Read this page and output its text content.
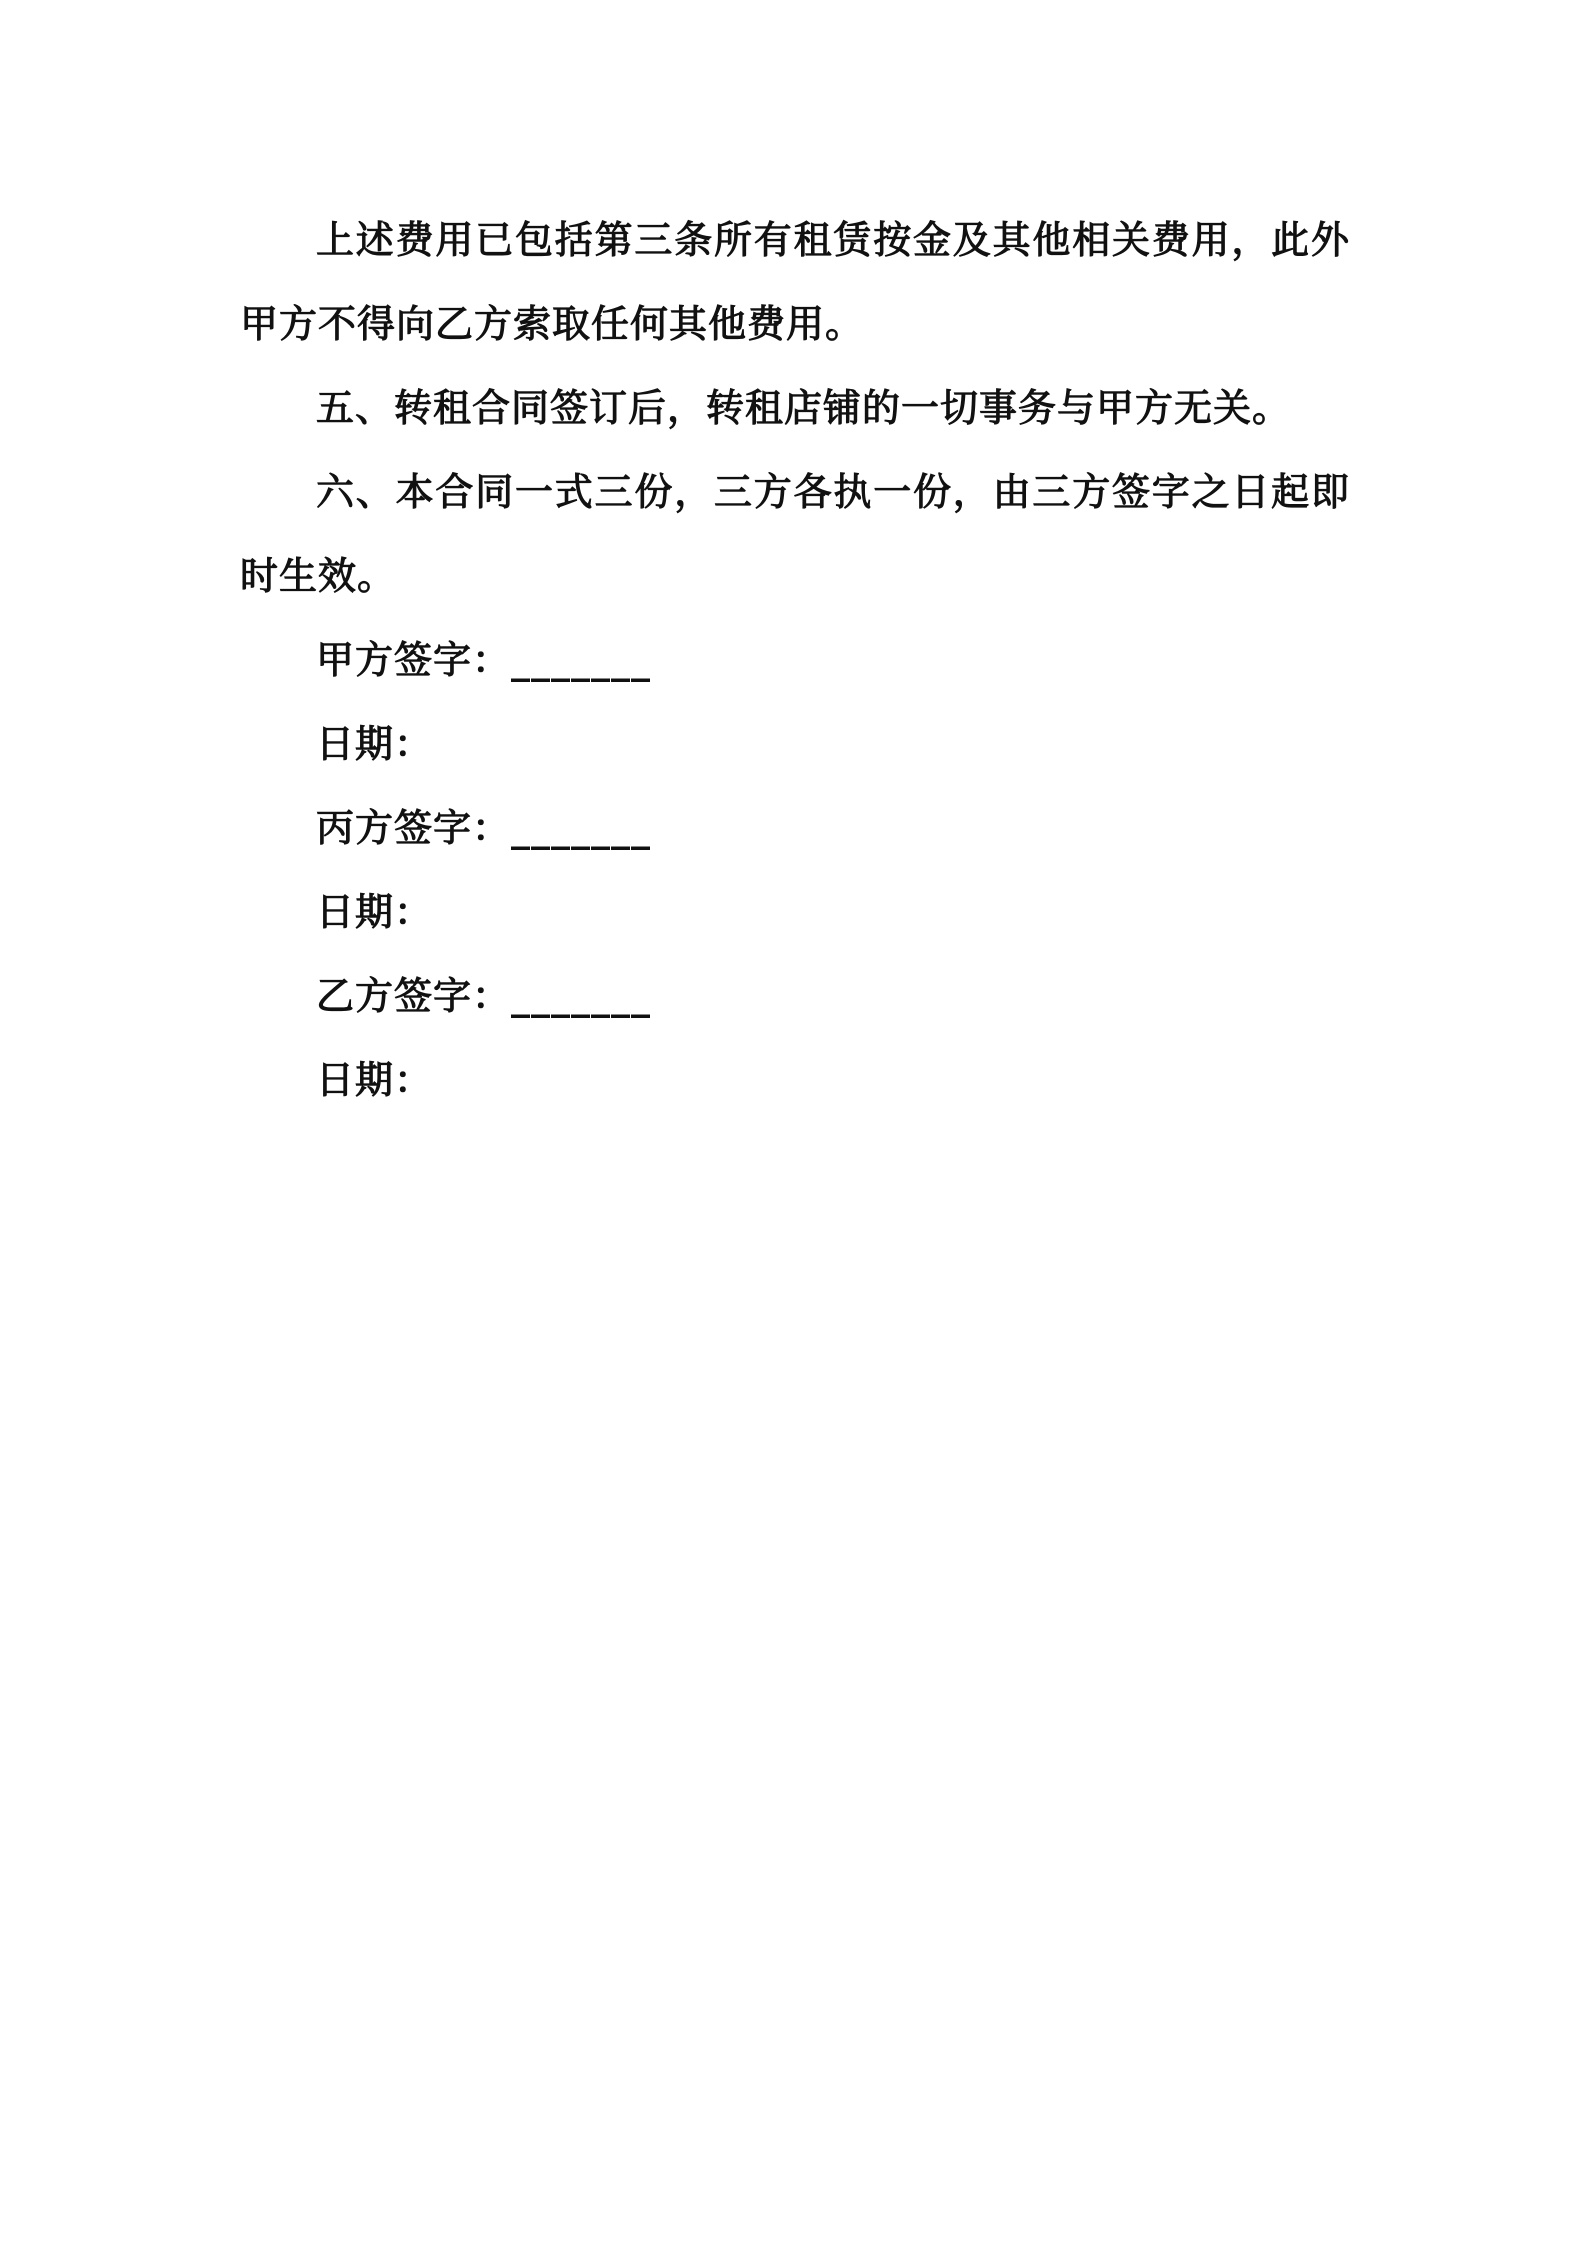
上述费用已包括第三条所有租赁按金及其他相关费用，此外甲方不得向乙方索取任何其他费用。

五、转租合同签订后，转租店铺的一切事务与甲方无关。

六、本合同一式三份，三方各执一份，由三方签字之日起即时生效。

甲方签字：_______

日期：

丙方签字：_______

日期：

乙方签字：_______

日期：
